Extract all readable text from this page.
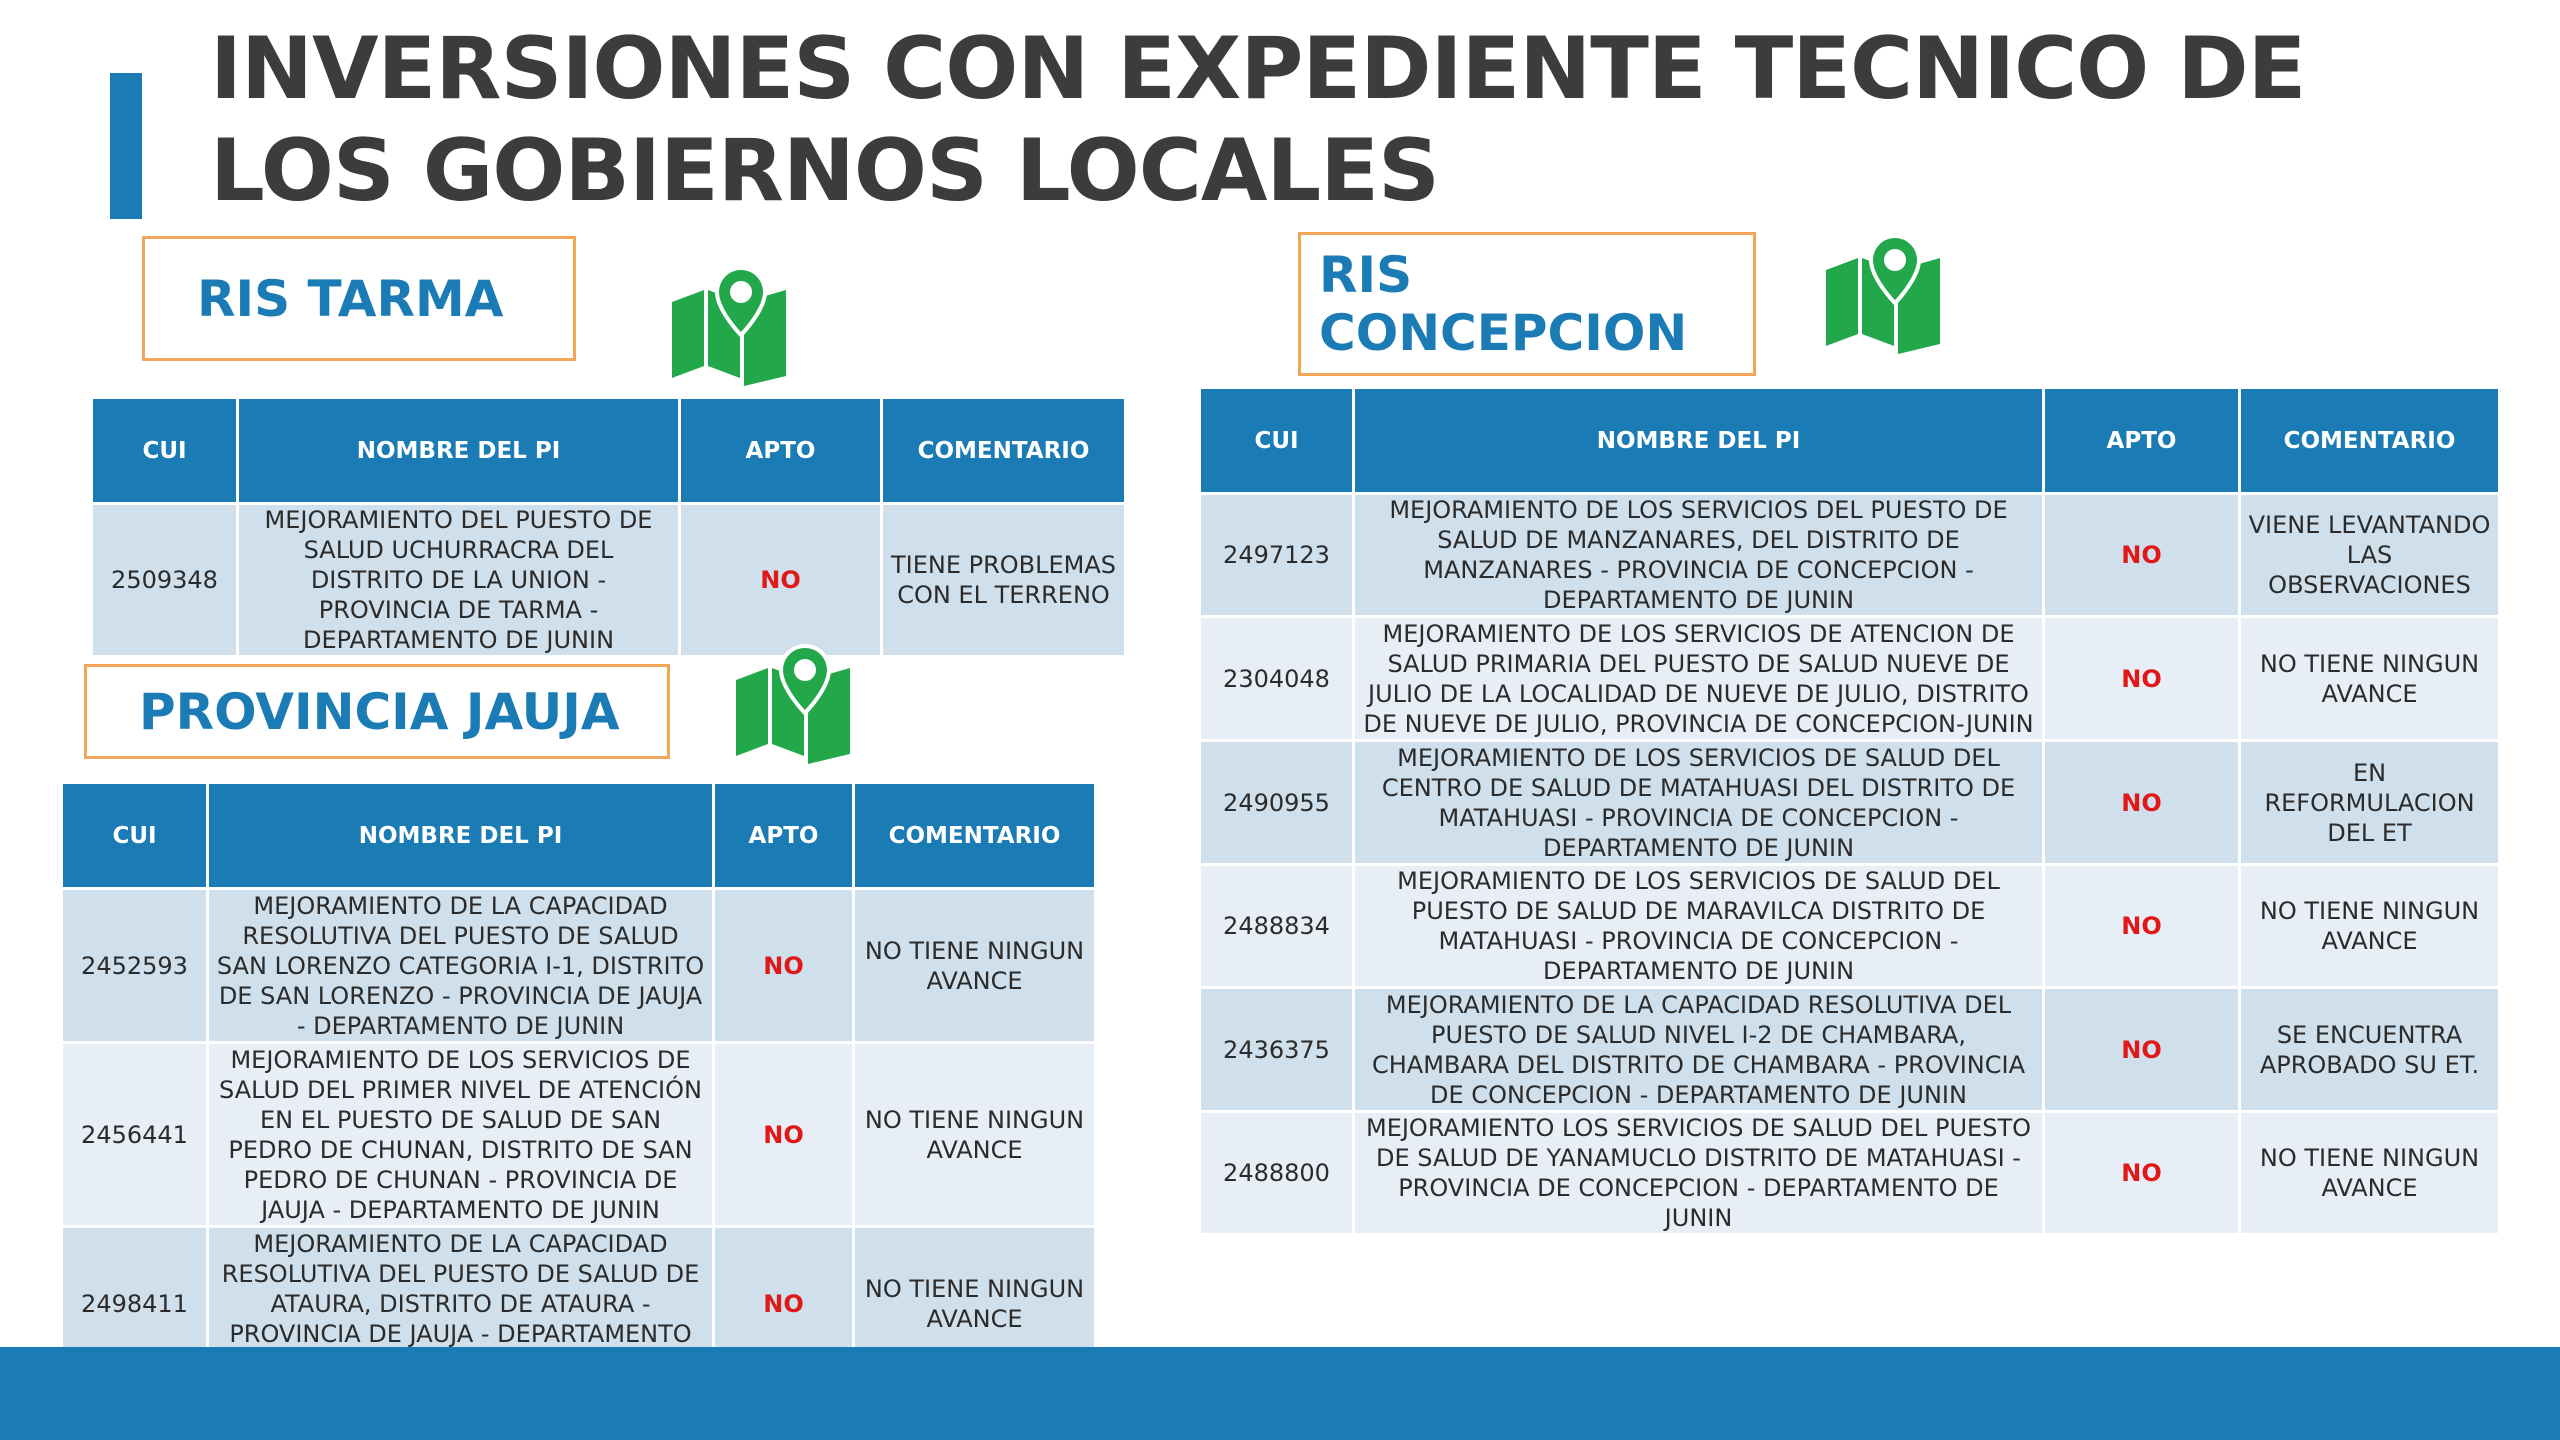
INVERSIONES CON EXPEDIENTE TECNICO DE
LOS GOBIERNOS LOCALES
RIS TARMA
CUI	NOMBRE DEL PI	APTO	COMENTARIO
2509348	MEJORAMIENTO DEL PUESTO DE SALUD UCHURRACRA DEL DISTRITO DE LA UNION - PROVINCIA DE TARMA - DEPARTAMENTO DE JUNIN	NO	TIENE PROBLEMAS CON EL TERRENO
PROVINCIA JAUJA
CUI	NOMBRE DEL PI	APTO	COMENTARIO
2452593	MEJORAMIENTO DE LA CAPACIDAD RESOLUTIVA DEL PUESTO DE SALUD SAN LORENZO CATEGORIA I-1, DISTRITO DE SAN LORENZO - PROVINCIA DE JAUJA - DEPARTAMENTO DE JUNIN	NO	NO TIENE NINGUN AVANCE
2456441	MEJORAMIENTO DE LOS SERVICIOS DE SALUD DEL PRIMER NIVEL DE ATENCIÓN EN EL PUESTO DE SALUD DE SAN PEDRO DE CHUNAN, DISTRITO DE SAN PEDRO DE CHUNAN - PROVINCIA DE JAUJA - DEPARTAMENTO DE JUNIN	NO	NO TIENE NINGUN AVANCE
2498411	MEJORAMIENTO DE LA CAPACIDAD RESOLUTIVA DEL PUESTO DE SALUD DE ATAURA, DISTRITO DE ATAURA - PROVINCIA DE JAUJA - DEPARTAMENTO	NO	NO TIENE NINGUN AVANCE
RIS CONCEPCION
CUI	NOMBRE DEL PI	APTO	COMENTARIO
2497123	MEJORAMIENTO DE LOS SERVICIOS DEL PUESTO DE SALUD DE MANZANARES, DEL DISTRITO DE MANZANARES - PROVINCIA DE CONCEPCION - DEPARTAMENTO DE JUNIN	NO	VIENE LEVANTANDO LAS OBSERVACIONES
2304048	MEJORAMIENTO DE LOS SERVICIOS DE ATENCION DE SALUD PRIMARIA DEL PUESTO DE SALUD NUEVE DE JULIO DE LA LOCALIDAD DE NUEVE DE JULIO, DISTRITO DE NUEVE DE JULIO, PROVINCIA DE CONCEPCION-JUNIN	NO	NO TIENE NINGUN AVANCE
2490955	MEJORAMIENTO DE LOS SERVICIOS DE SALUD DEL CENTRO DE SALUD DE MATAHUASI DEL DISTRITO DE MATAHUASI - PROVINCIA DE CONCEPCION - DEPARTAMENTO DE JUNIN	NO	EN REFORMULACION DEL ET
2488834	MEJORAMIENTO DE LOS SERVICIOS DE SALUD DEL PUESTO DE SALUD DE MARAVILCA DISTRITO DE MATAHUASI - PROVINCIA DE CONCEPCION - DEPARTAMENTO DE JUNIN	NO	NO TIENE NINGUN AVANCE
2436375	MEJORAMIENTO DE LA CAPACIDAD RESOLUTIVA DEL PUESTO DE SALUD NIVEL I-2 DE CHAMBARA, CHAMBARA DEL DISTRITO DE CHAMBARA - PROVINCIA DE CONCEPCION - DEPARTAMENTO DE JUNIN	NO	SE ENCUENTRA APROBADO SU ET.
2488800	MEJORAMIENTO LOS SERVICIOS DE SALUD DEL PUESTO DE SALUD DE YANAMUCLO DISTRITO DE MATAHUASI - PROVINCIA DE CONCEPCION - DEPARTAMENTO DE JUNIN	NO	NO TIENE NINGUN AVANCE
